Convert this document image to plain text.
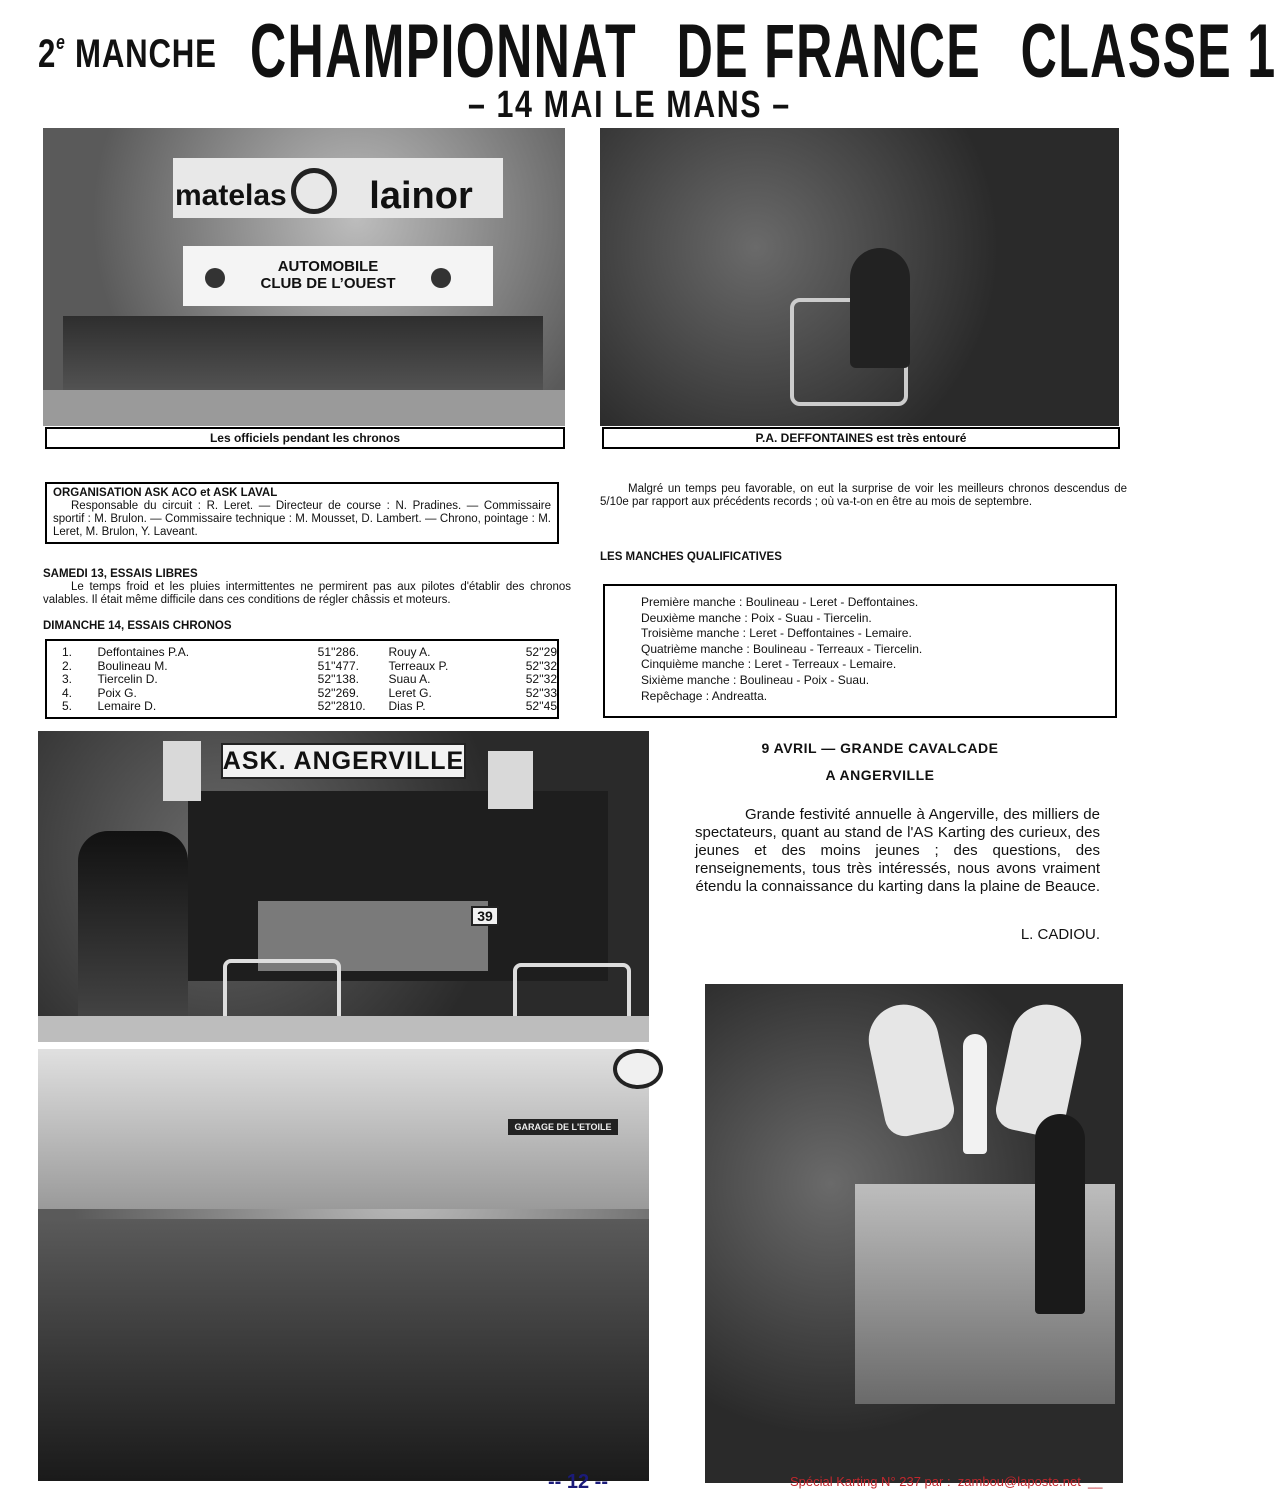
2e MANCHE CHAMPIONNAT DE FRANCE CLASSE 1
– 14 MAI LE MANS –
matelas	lainor
AUTOMOBILE
CLUB DE L’OUEST
Les officiels pendant les chronos	P.A. DEFFONTAINES est très entouré
ORGANISATION ASK ACO et ASK LAVAL
Responsable du circuit : R. Leret. — Directeur de course : N. Pradines. — Commissaire sportif : M. Brulon. — Commissaire technique : M. Mousset, D. Lambert. — Chrono, pointage : M. Leret, M. Brulon, Y. Laveant.
SAMEDI 13, ESSAIS LIBRES
Le temps froid et les pluies intermittentes ne permirent pas aux pilotes d'établir des chronos valables. Il était même difficile dans ces conditions de régler châssis et moteurs.
DIMANCHE 14, ESSAIS CHRONOS
1.	Deffontaines P.A.	51''28	6.	Rouy A.	52''29
2.	Boulineau M.	51''47	7.	Terreaux P.	52''32
3.	Tiercelin D.	52''13	8.	Suau A.	52''32
4.	Poix G.	52''26	9.	Leret G.	52''33
5.	Lemaire D.	52''28	10.	Dias P.	52''45
Malgré un temps peu favorable, on eut la surprise de voir les meilleurs chronos descendus de 5/10e par rapport aux précédents records ; où va-t-on en être au mois de septembre.
LES MANCHES QUALIFICATIVES
Première manche : Boulineau - Leret - Deffontaines.
Deuxième manche : Poix - Suau - Tiercelin.
Troisième manche : Leret - Deffontaines - Lemaire.
Quatrième manche : Boulineau - Terreaux - Tiercelin.
Cinquième manche : Leret - Terreaux - Lemaire.
Sixième manche : Boulineau - Poix - Suau.
Repêchage : Andreatta.
ASK. ANGERVILLE
39
GARAGE DE L'ETOILE
9 AVRIL — GRANDE CAVALCADE
A ANGERVILLE
Grande festivité annuelle à Angerville, des milliers de spectateurs, quant au stand de l'AS Karting des curieux, des jeunes et des moins jeunes ; des questions, des renseignements, tous très intéressés, nous avons vraiment étendu la connaissance du karting dans la plaine de Beauce.
L. CADIOU.
-- 12 --	Spécial Karting N° 237 par :  zambou@laposte.net  __
